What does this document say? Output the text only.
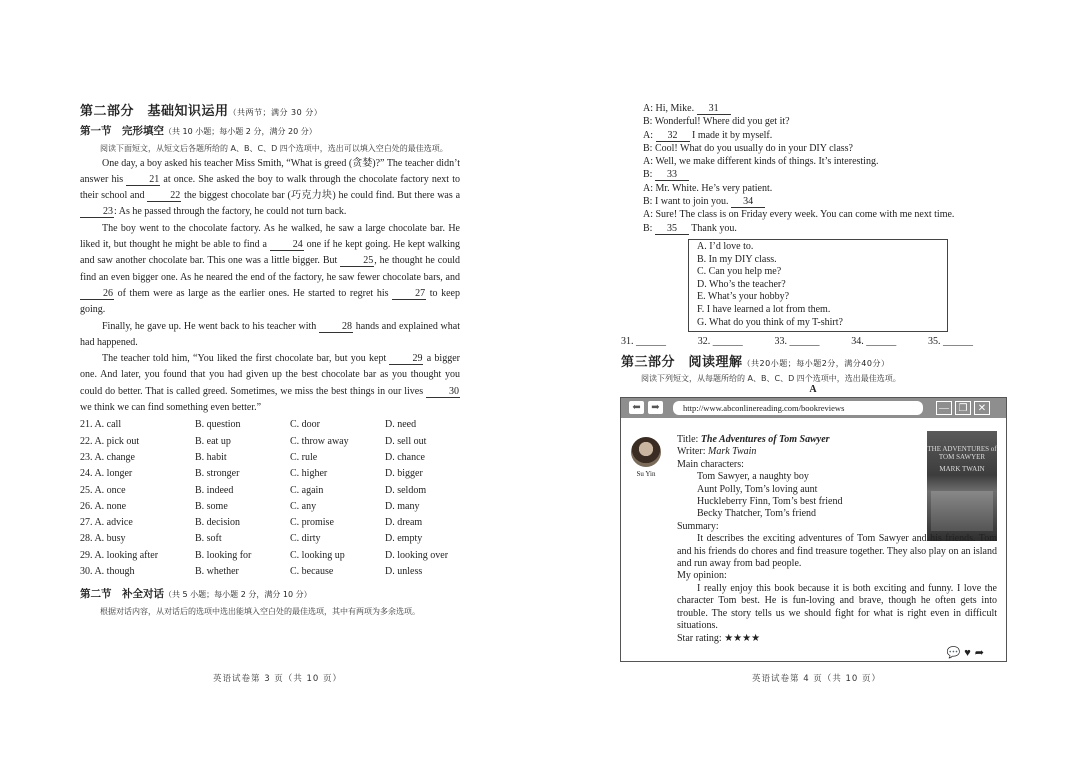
第二部分　基础知识运用（共两节；满分 30 分）
第一节　完形填空（共 10 小题；每小题 2 分，满分 20 分）
阅读下面短文，从短文后各题所给的 A、B、C、D 四个选项中，选出可以填入空白处的最佳选项。

One day, a boy asked his teacher Miss Smith, “What is greed (贪婪)?” The teacher didn’t answer his 21 at once. She asked the boy to walk through the chocolate factory next to their school and 22 the biggest chocolate bar (巧克力块) he could find. But there was a 23: As he passed through the factory, he could not turn back.

The boy went to the chocolate factory. As he walked, he saw a large chocolate bar. He liked it, but thought he might be able to find a 24 one if he kept going. He kept walking and saw another chocolate bar. This one was a little bigger. But 25, he thought he could find an even bigger one. As he neared the end of the factory, he saw fewer chocolate bars, and 26 of them were as large as the earlier ones. He started to regret his 27 to keep going.

Finally, he gave up. He went back to his teacher with 28 hands and explained what had happened.

The teacher told him, “You liked the first chocolate bar, but you kept 29 a bigger one. And later, you found that you had given up the best chocolate bar as you thought you could do better. That is called greed. Sometimes, we miss the best things in our lives 30 we think we can find something even better.”

21. A. call	B. question	C. door	D. need
22. A. pick out	B. eat up	C. throw away	D. sell out
23. A. change	B. habit	C. rule	D. chance
24. A. longer	B. stronger	C. higher	D. bigger
25. A. once	B. indeed	C. again	D. seldom
26. A. none	B. some	C. any	D. many
27. A. advice	B. decision	C. promise	D. dream
28. A. busy	B. soft	C. dirty	D. empty
29. A. looking after	B. looking for	C. looking up	D. looking over
30. A. though	B. whether	C. because	D. unless
第二节　补全对话（共 5 小题；每小题 2 分，满分 10 分）
根据对话内容，从对话后的选项中选出能填入空白处的最佳选项，其中有两项为多余选项。
英语试卷第 3 页（共 10 页）
A: Hi, Mike. 31
B: Wonderful! Where did you get it?
A: 32 I made it by myself.
B: Cool! What do you usually do in your DIY class?
A: Well, we make different kinds of things. It’s interesting.
B: 33
A: Mr. White. He’s very patient.
B: I want to join you. 34
A: Sure! The class is on Friday every week. You can come with me next time.
B: 35 Thank you.
A. I’d love to.
B. In my DIY class.
C. Can you help me?
D. Who’s the teacher?
E. What’s your hobby?
F. I have learned a lot from them.
G. What do you think of my T-shirt?
31. ______	32. ______	33. ______	34. ______	35. ______
第三部分　阅读理解（共20小题；每小题2分，满分40分）
阅读下列短文，从每题所给的 A、B、C、D 四个选项中，选出最佳选项。
A
⬅	➡	http://www.abconlinereading.com/bookreviews	— ❐	✕
Su Yin
THE ADVENTURES of TOM SAWYER
MARK TWAIN
Title: The Adventures of Tom Sawyer
Writer: Mark Twain
Main characters:
Tom Sawyer, a naughty boy
Aunt Polly, Tom’s loving aunt
Huckleberry Finn, Tom’s best friend
Becky Thatcher, Tom’s friend
Summary:

It describes the exciting adventures of Tom Sawyer and his friends. Tom and his friends do chores and find treasure together. They also play on an island and run away from bad people.

My opinion:

I really enjoy this book because it is both exciting and funny. I love the character Tom best. He is fun-loving and brave, though he often gets into trouble. The story tells us we should fight for what is right even in difficult situations.

Star rating: ★★★★
💬♥➦
英语试卷第 4 页（共 10 页）
